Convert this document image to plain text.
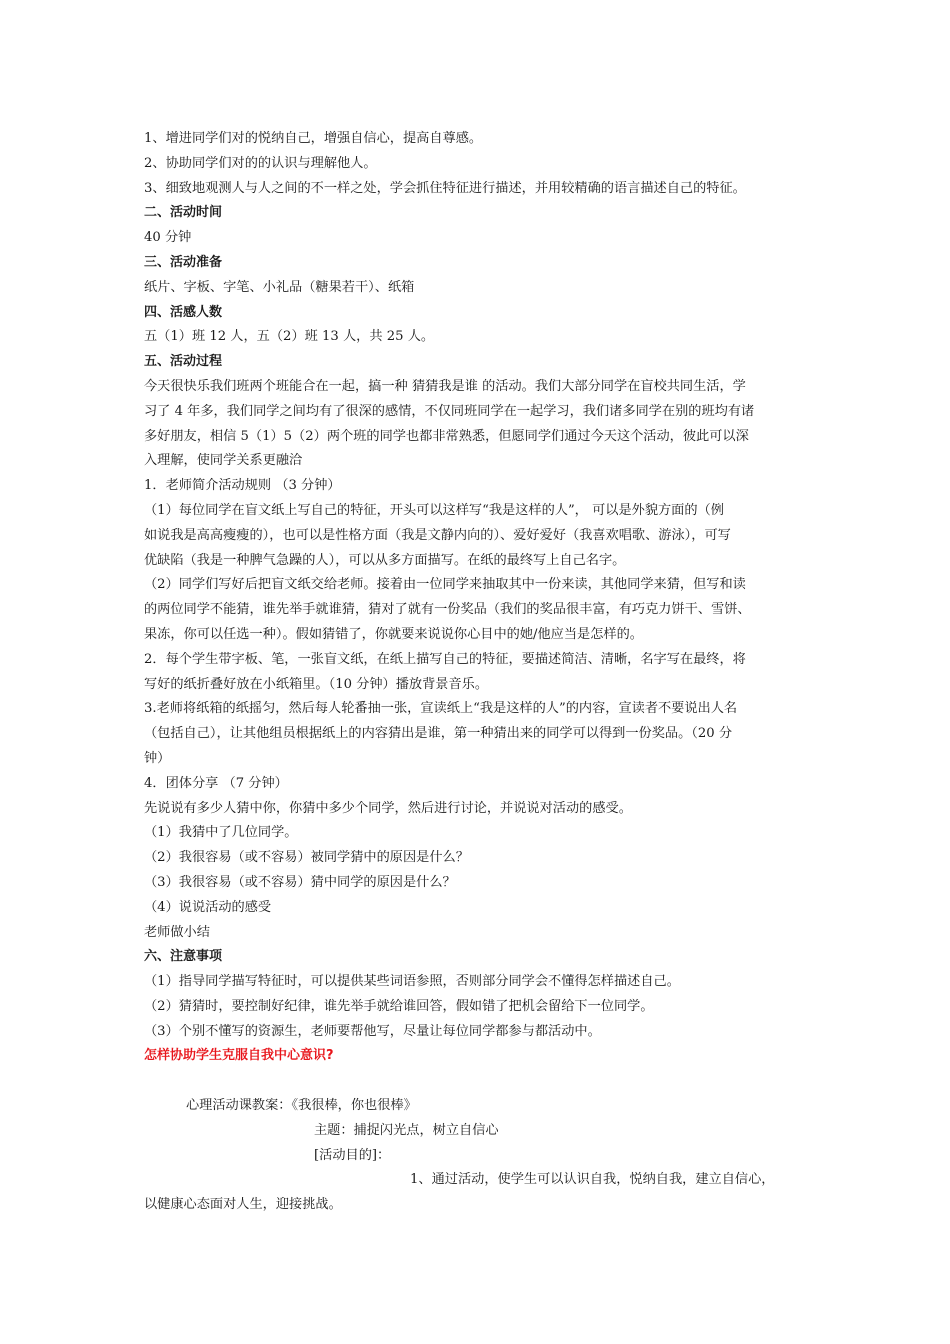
1、增进同学们对的悦纳自己，增强自信心，提高自尊感。
2、协助同学们对的的认识与理解他人。
3、细致地观测人与人之间的不一样之处，学会抓住特征进行描述，并用较精确的语言描述自己的特征。
二、活动时间
40 分钟
三、活动准备
纸片、字板、字笔、小礼品（糖果若干）、纸箱
四、活感人数
五（1）班 12 人，五（2）班 13 人，共 25 人。
五、活动过程
今天很快乐我们班两个班能合在一起，搞一种 猜猜我是谁 的活动。我们大部分同学在盲校共同生活，学
习了 4 年多，我们同学之间均有了很深的感情，不仅同班同学在一起学习，我们诸多同学在别的班均有诸
多好朋友，相信 5（1）5（2）两个班的同学也都非常熟悉，但愿同学们通过今天这个活动，彼此可以深
入理解，使同学关系更融洽
1．老师简介活动规则 （3 分钟）
（1）每位同学在盲文纸上写自己的特征，开头可以这样写“我是这样的人”， 可以是外貌方面的（例
如说我是高高瘦瘦的），也可以是性格方面（我是文静内向的）、爱好爱好（我喜欢唱歌、游泳），可写
优缺陷（我是一种脾气急躁的人），可以从多方面描写。在纸的最终写上自己名字。
（2）同学们写好后把盲文纸交给老师。接着由一位同学来抽取其中一份来读，其他同学来猜，但写和读
的两位同学不能猜，谁先举手就谁猜，猜对了就有一份奖品（我们的奖品很丰富，有巧克力饼干、雪饼、
果冻，你可以任选一种）。假如猜错了，你就要来说说你心目中的她/他应当是怎样的。
2．每个学生带字板、笔，一张盲文纸，在纸上描写自己的特征，要描述简洁、清晰，名字写在最终，将
写好的纸折叠好放在小纸箱里。（10 分钟）播放背景音乐。
3.老师将纸箱的纸摇匀，然后每人轮番抽一张，宣读纸上“我是这样的人”的内容，宣读者不要说出人名
（包括自己），让其他组员根据纸上的内容猜出是谁，第一种猜出来的同学可以得到一份奖品。（20 分
钟）
4．团体分享 （7 分钟）
先说说有多少人猜中你，你猜中多少个同学，然后进行讨论，并说说对活动的感受。
（1）我猜中了几位同学。
（2）我很容易（或不容易）被同学猜中的原因是什么？
（3）我很容易（或不容易）猜中同学的原因是什么？
（4）说说活动的感受
老师做小结
六、注意事项
（1）指导同学描写特征时，可以提供某些词语参照，否则部分同学会不懂得怎样描述自己。
（2）猜猜时，要控制好纪律，谁先举手就给谁回答，假如错了把机会留给下一位同学。
（3）个别不懂写的资源生，老师要帮他写，尽量让每位同学都参与都活动中。
怎样协助学生克服自我中心意识?
心理活动课教案：《我很棒，你也很棒》
主题：捕捉闪光点，树立自信心
[活动目的]：
1、通过活动，使学生可以认识自我，悦纳自我，建立自信心，
以健康心态面对人生，迎接挑战。
